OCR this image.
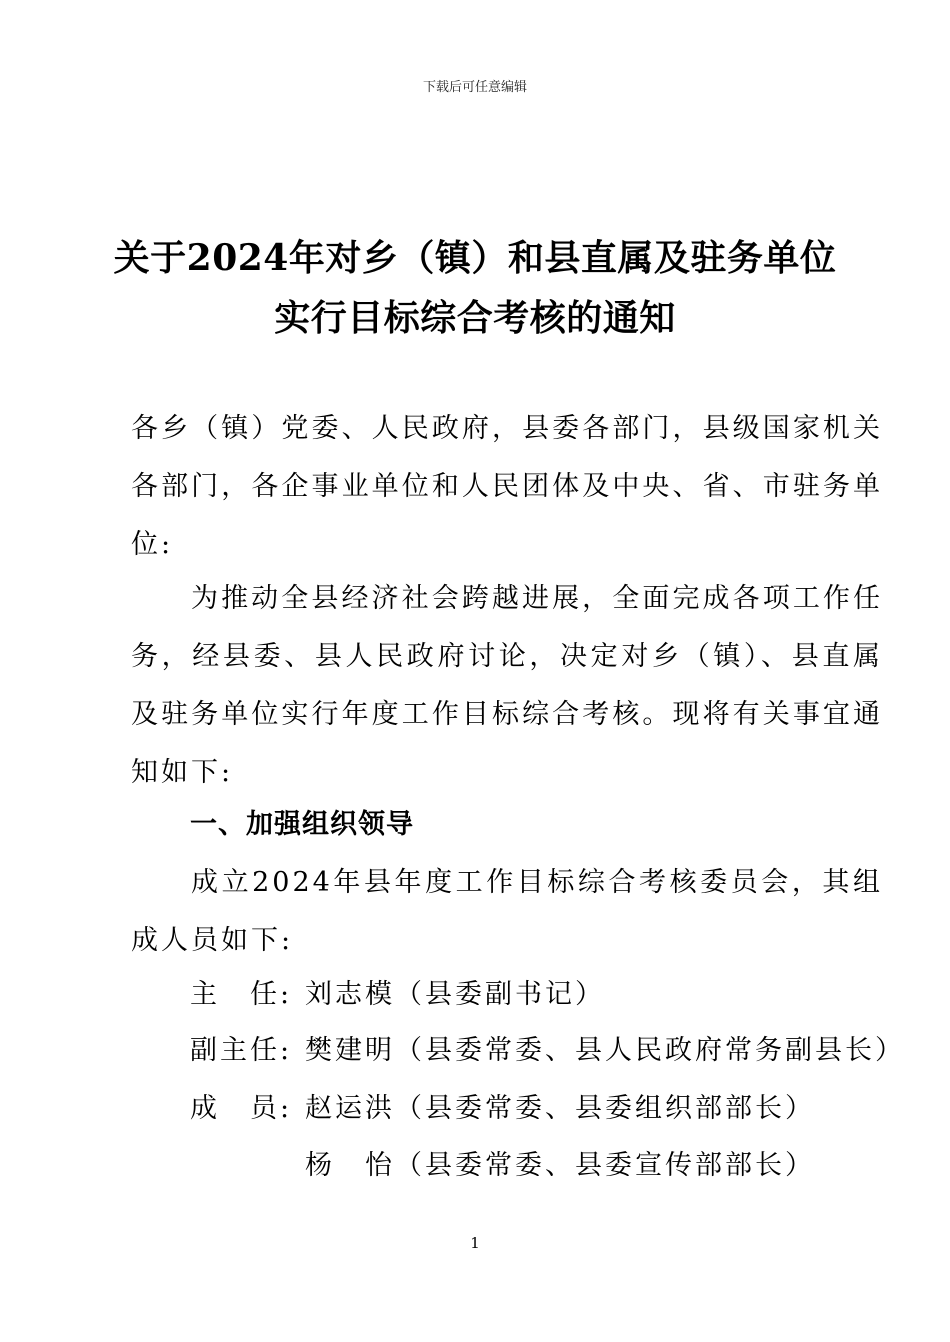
下载后可任意编辑
关于2024年对乡（镇）和县直属及驻务单位
实行目标综合考核的通知
各乡（镇）党委、人民政府，县委各部门，县级国家机关各部门，各企事业单位和人民团体及中央、省、市驻务单位:
为推动全县经济社会跨越进展，全面完成各项工作任务，经县委、县人民政府讨论，决定对乡（镇）、县直属及驻务单位实行年度工作目标综合考核。现将有关事宜通知如下:
一、加强组织领导
成立2024年县年度工作目标综合考核委员会，其组成人员如下:
主　任: 刘志模（县委副书记）
副主任: 樊建明（县委常委、县人民政府常务副县长）
成　员: 赵运洪（县委常委、县委组织部部长）
杨　怡（县委常委、县委宣传部部长）
1
